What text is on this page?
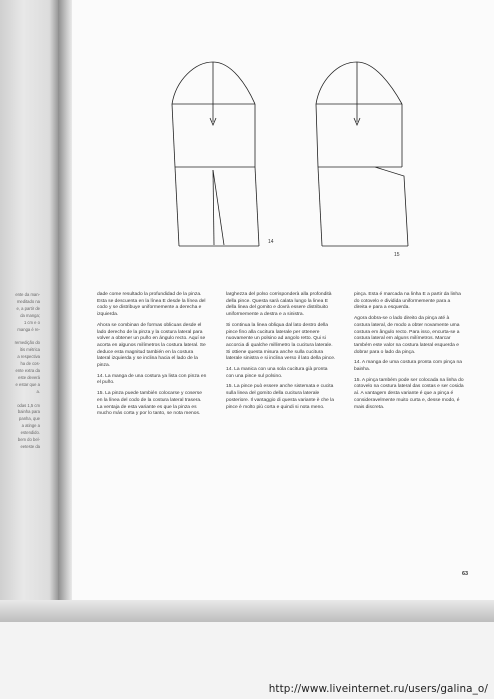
ente da man-
meditado na
e, a partir de
da manga;
1 cm e o
manga é re-

remedição do
ítis métrica
a respectiva
ha de cos-
ente extra da
este deverá
e estar que a
a.

odas 1,5 cm
bainha para
panha, que
a atinge a
estendido.
bem do bel-
eeteste da
14
15

dade come resultado la profundidad de la pinza. Esta se descuenta en la línea E desde la línea del codo y se distribuye uniformemente a derecha e izquierda.

Ahora se combinan de formas oblicuas desde el lado derecho de la pinza y la costura lateral para volver a obtener un puño en ángulo recto. Aquí se acorta en algunos milímetros la costura lateral. Se deduce esta magnitud también en la costura lateral izquierda y se inclina hacia el lado de la pinza.

14. La manga de una costura ya lista con pinza en el puño.

15. La pinza puede también colocarse y coserse en la línea del codo de la costura lateral trasera. La ventaja de esta variante es que la pinza es mucho más corta y por lo tanto, se nota menos.

larghezza del polso corrisponderà alla profondità della pince. Questa sarà calata lungo la linea E della linea del gomito e dovrà essere distribuito uniformemente a destra e a sinistra.

Si continua la linea obliqua dal lato destro della pince fino alla cucitura laterale per ottenere nuovamente un polsino ad angolo retto. Qui si accorcia di qualche millimetro la cucitura laterale. Si ottiene questa misura anche sulla cucitura laterale sinistra e si inclina verso il lato della pince.

14. La manica con una sola cucitura già pronta con una pince sul polsino.

15. La pince può essere anche sistemata e cucita sulla linea del gomito della cucitura laterale posteriore. Il vantaggio di questa variante è che la pince è molto più corta e quindi si nota meno.

pinça. Esta é marcada na linha E a partir da linha do cotovelo e dividida uniformemente para a direita e para a esquerda.

Agora dobra-se o lado direito da pinça até à costura lateral, de modo a obter novamente uma costura em ângulo recto. Para isso, encurta-se a costura lateral em alguns milímetros. Marcar também este valor na costura lateral esquerda e dobrar para o lado da pinça.

14. A manga de uma costura pronta com pinça na bainha.

15. A pinça também pode ser colocada na linha do cotovelo na costura lateral das costas e ser cosida aí. A vantagem desta variante é que a pinça é consideravelmente muito curta e, desse modo, é mais discreta.

63
http://www.liveinternet.ru/users/galina_o/
